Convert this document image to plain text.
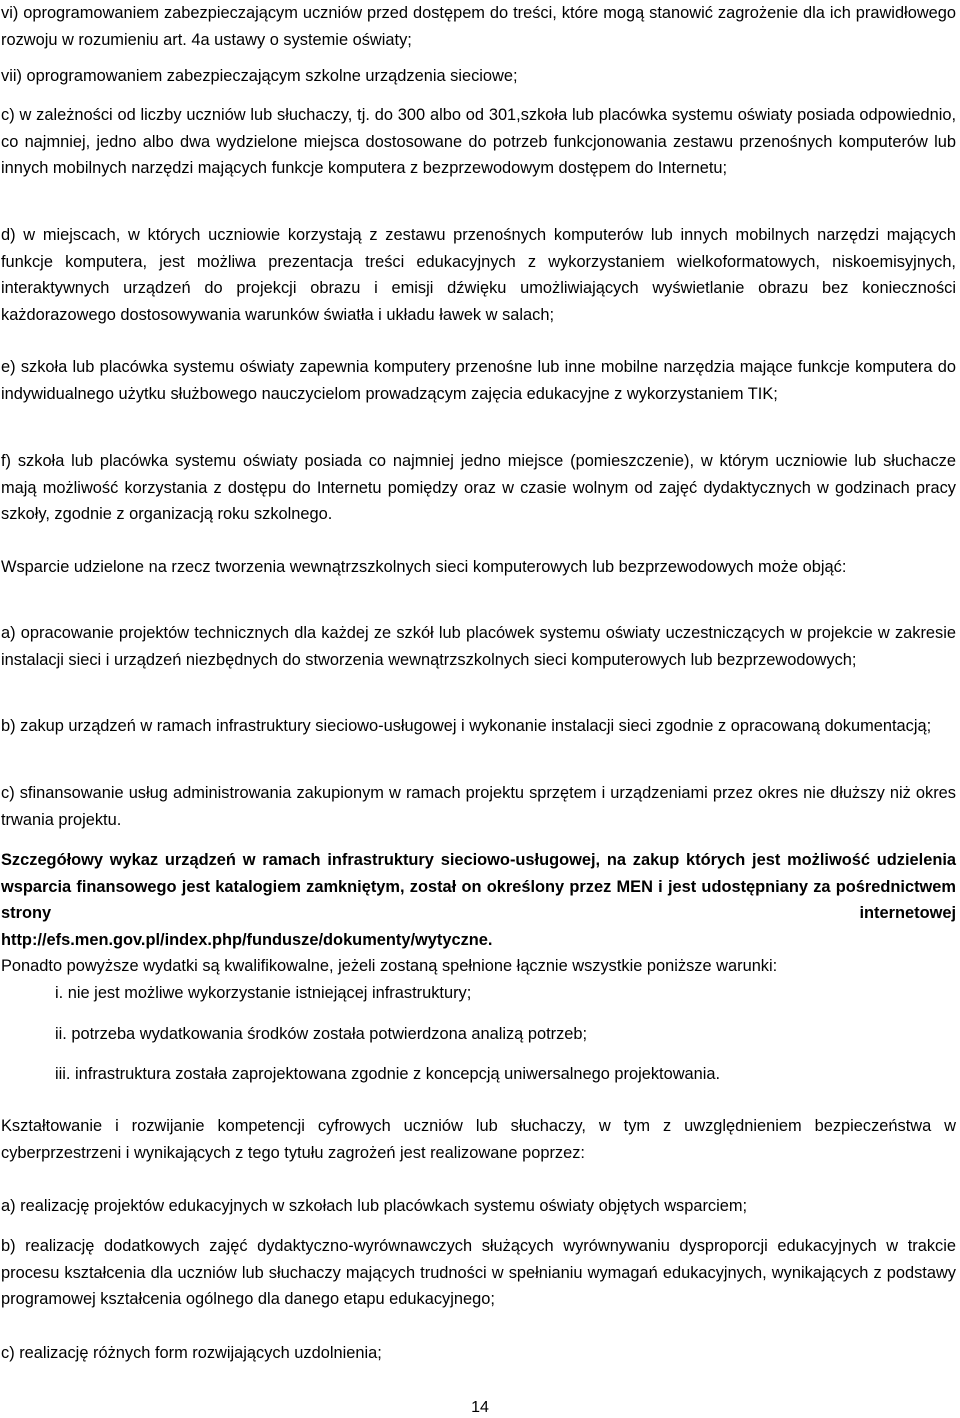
vi) oprogramowaniem zabezpieczającym uczniów przed dostępem do treści, które mogą stanowić zagrożenie dla ich prawidłowego rozwoju w rozumieniu art. 4a ustawy o systemie oświaty;

vii) oprogramowaniem zabezpieczającym szkolne urządzenia sieciowe;

c) w zależności od liczby uczniów lub słuchaczy, tj. do 300 albo od 301,szkoła lub placówka systemu oświaty posiada odpowiednio, co najmniej, jedno albo dwa wydzielone miejsca dostosowane do potrzeb funkcjonowania zestawu przenośnych komputerów lub innych mobilnych narzędzi mających funkcje komputera z bezprzewodowym dostępem do Internetu;

d) w miejscach, w których uczniowie korzystają z zestawu przenośnych komputerów lub innych mobilnych narzędzi mających funkcje komputera, jest możliwa prezentacja treści edukacyjnych z wykorzystaniem wielkoformatowych, niskoemisyjnych, interaktywnych urządzeń do projekcji obrazu i emisji dźwięku umożliwiających wyświetlanie obrazu bez konieczności każdorazowego dostosowywania warunków światła i układu ławek w salach;

e) szkoła lub placówka systemu oświaty zapewnia komputery przenośne lub inne mobilne narzędzia mające funkcje komputera do indywidualnego użytku służbowego nauczycielom prowadzącym zajęcia edukacyjne z wykorzystaniem TIK;

f) szkoła lub placówka systemu oświaty posiada co najmniej jedno miejsce (pomieszczenie), w którym uczniowie lub słuchacze mają możliwość korzystania z dostępu do Internetu pomiędzy oraz w czasie wolnym od zajęć dydaktycznych w godzinach pracy szkoły, zgodnie z organizacją roku szkolnego.

Wsparcie udzielone na rzecz tworzenia wewnątrzszkolnych sieci komputerowych lub bezprzewodowych może objąć:

a) opracowanie projektów technicznych dla każdej ze szkół lub placówek systemu oświaty uczestniczących w projekcie w zakresie instalacji sieci i urządzeń niezbędnych do stworzenia wewnątrzszkolnych sieci komputerowych lub bezprzewodowych;

b) zakup urządzeń w ramach infrastruktury sieciowo-usługowej i wykonanie instalacji sieci zgodnie z opracowaną dokumentacją;

c) sfinansowanie usług administrowania zakupionym w ramach projektu sprzętem i urządzeniami przez okres nie dłuższy niż okres trwania projektu.

Szczegółowy wykaz urządzeń w ramach infrastruktury sieciowo-usługowej, na zakup których jest możliwość udzielenia wsparcia finansowego jest katalogiem zamkniętym, został on określony przez MEN i jest udostępniany za pośrednictwem strony internetowej

http://efs.men.gov.pl/index.php/fundusze/dokumenty/wytyczne.

Ponadto powyższe wydatki są kwalifikowalne, jeżeli zostaną spełnione łącznie wszystkie poniższe warunki:

i. nie jest możliwe wykorzystanie istniejącej infrastruktury;

ii. potrzeba wydatkowania środków została potwierdzona analizą potrzeb;

iii. infrastruktura została zaprojektowana zgodnie z koncepcją uniwersalnego projektowania.

Kształtowanie i rozwijanie kompetencji cyfrowych uczniów lub słuchaczy, w tym z uwzględnieniem bezpieczeństwa w cyberprzestrzeni i wynikających z tego tytułu zagrożeń jest realizowane poprzez:

a) realizację projektów edukacyjnych w szkołach lub placówkach systemu oświaty objętych wsparciem;

b) realizację dodatkowych zajęć dydaktyczno-wyrównawczych służących wyrównywaniu dysproporcji edukacyjnych w trakcie procesu kształcenia dla uczniów lub słuchaczy mających trudności w spełnianiu wymagań edukacyjnych, wynikających z podstawy programowej kształcenia ogólnego dla danego etapu edukacyjnego;

c) realizację różnych form rozwijających uzdolnienia;

14
